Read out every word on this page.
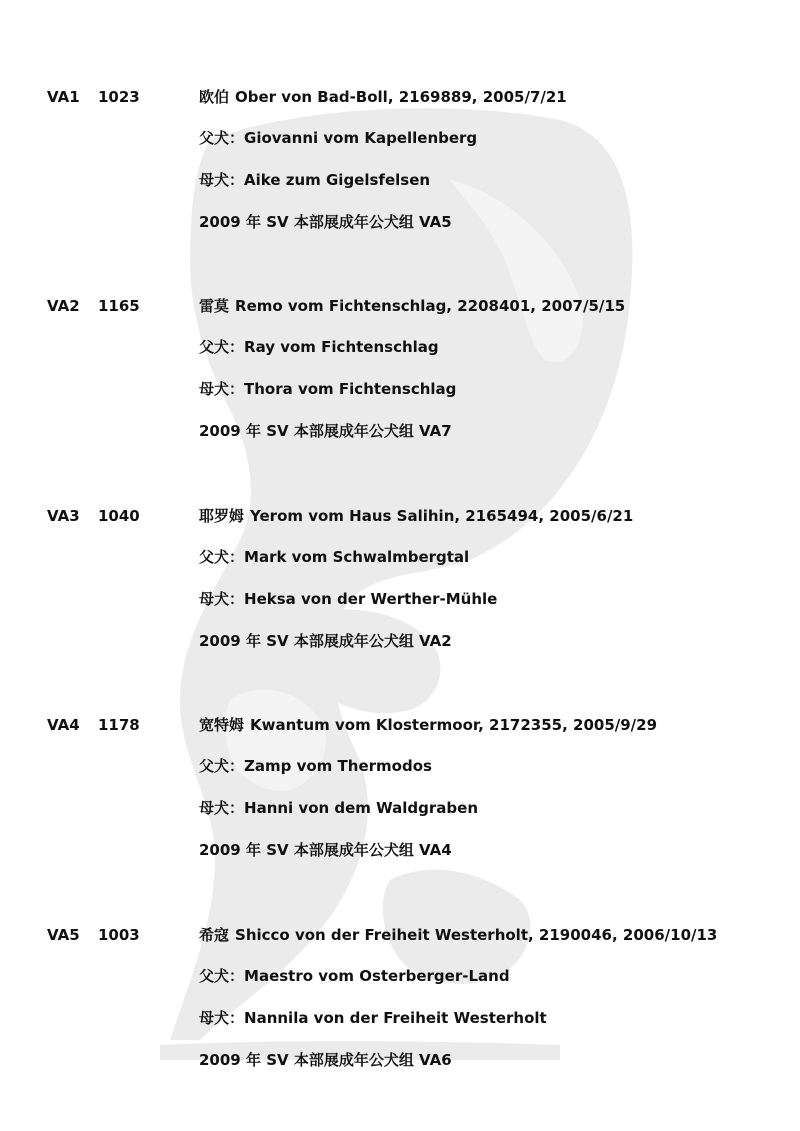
VA1 1023	欧伯 Ober von Bad-Boll, 2169889, 2005/7/21
父犬：Giovanni vom Kapellenberg
母犬：Aike zum Gigelsfelsen
2009 年 SV 本部展成年公犬组 VA5
VA2 1165	雷莫 Remo vom Fichtenschlag, 2208401, 2007/5/15
父犬：Ray vom Fichtenschlag
母犬：Thora vom Fichtenschlag
2009 年 SV 本部展成年公犬组 VA7
VA3 1040	耶罗姆 Yerom vom Haus Salihin, 2165494, 2005/6/21
父犬：Mark vom Schwalmbergtal
母犬：Heksa von der Werther-Mühle
2009 年 SV 本部展成年公犬组 VA2
VA4 1178	宽特姆 Kwantum vom Klostermoor, 2172355, 2005/9/29
父犬：Zamp vom Thermodos
母犬：Hanni von dem Waldgraben
2009 年 SV 本部展成年公犬组 VA4
VA5 1003	希寇 Shicco von der Freiheit Westerholt, 2190046, 2006/10/13
父犬：Maestro vom Osterberger-Land
母犬：Nannila von der Freiheit Westerholt
2009 年 SV 本部展成年公犬组 VA6
